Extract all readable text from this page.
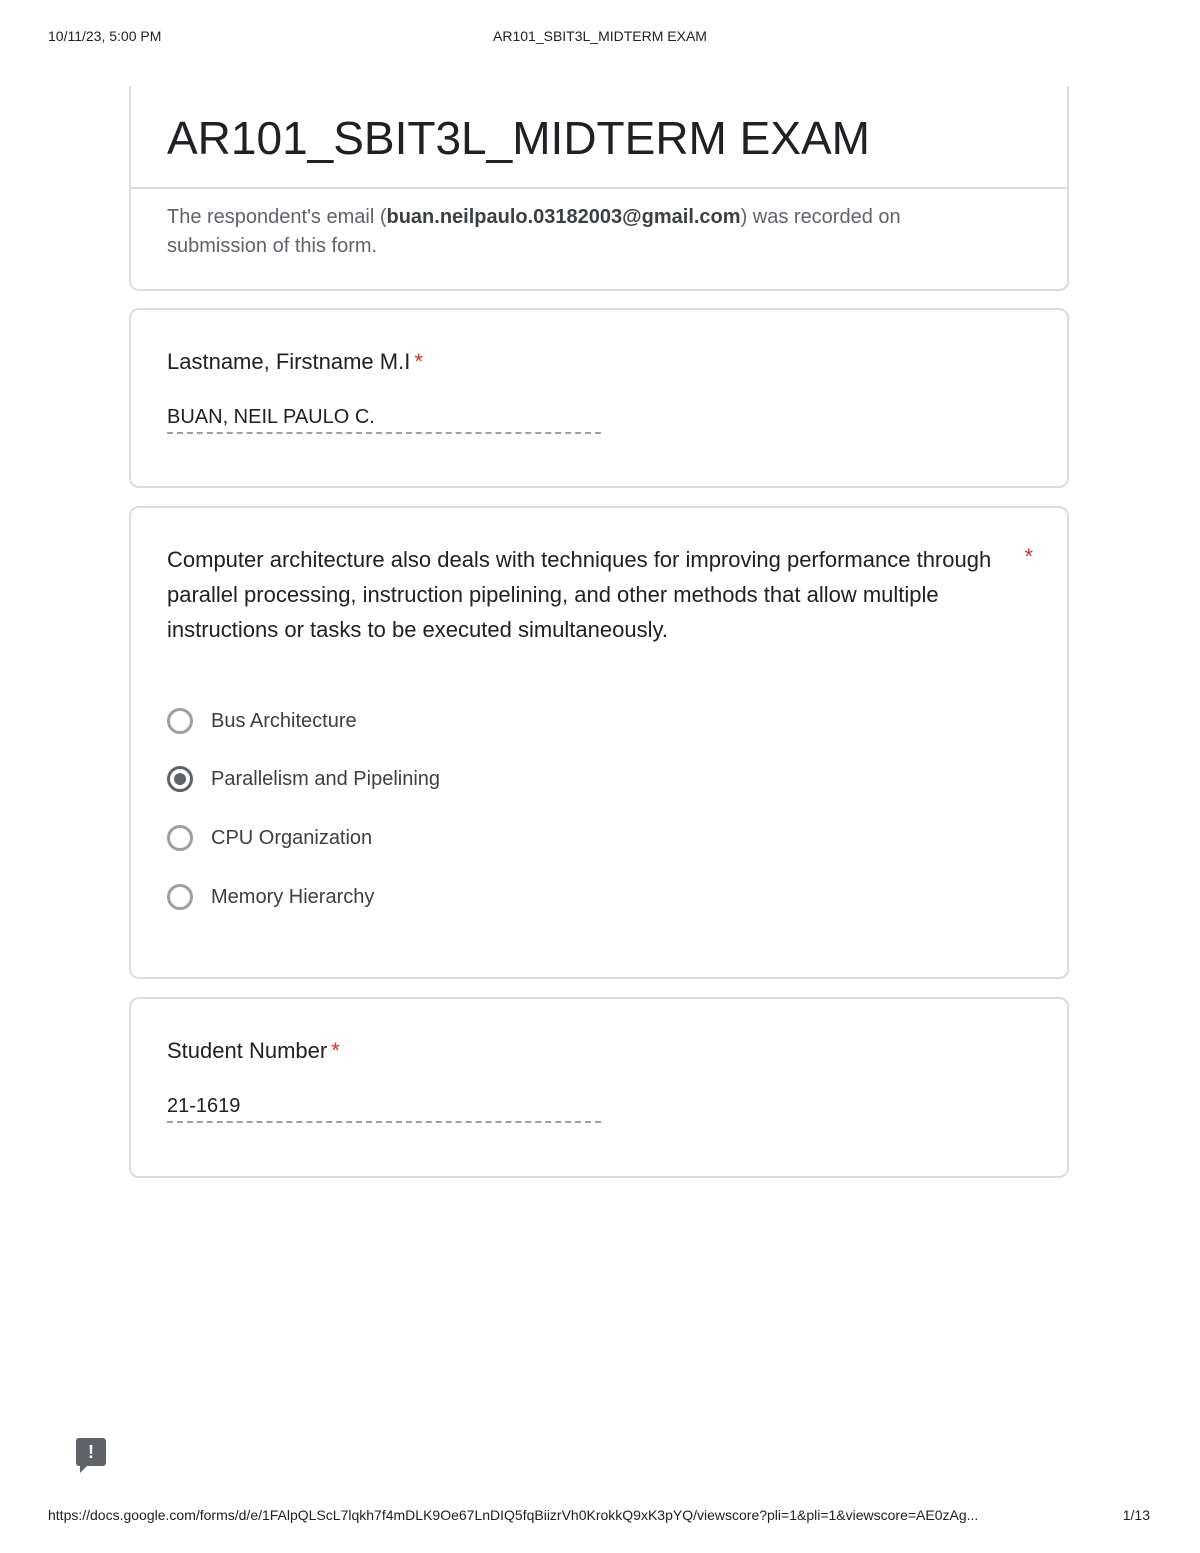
10/11/23, 5:00 PM	AR101_SBIT3L_MIDTERM EXAM
AR101_SBIT3L_MIDTERM EXAM
The respondent's email (buan.neilpaulo.03182003@gmail.com) was recorded on submission of this form.
Lastname, Firstname M.I *
BUAN, NEIL PAULO C.
Computer architecture also deals with techniques for improving performance through parallel processing, instruction pipelining, and other methods that allow multiple instructions or tasks to be executed simultaneously.
*
Bus Architecture
Parallelism and Pipelining
CPU Organization
Memory Hierarchy
Student Number *
21-1619
!
https://docs.google.com/forms/d/e/1FAlpQLScL7lqkh7f4mDLK9Oe67LnDIQ5fqBiizrVh0KrokkQ9xK3pYQ/viewscore?pli=1&pli=1&viewscore=AE0zAg...	1/13
